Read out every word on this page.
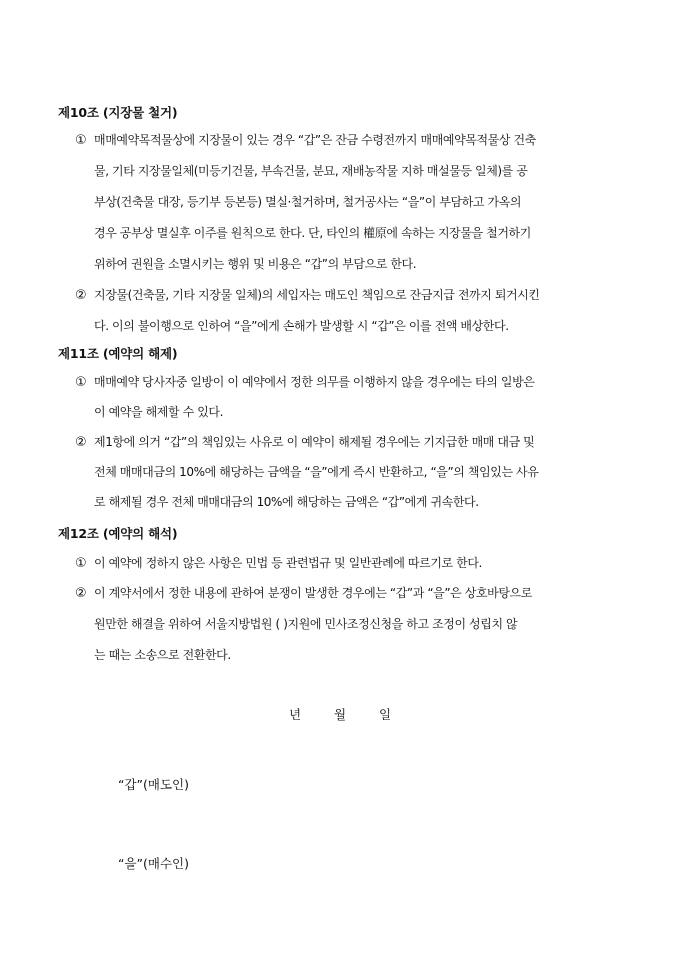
제10조 (지장물 철거)
① 매매예약목적물상에 지장물이 있는 경우 “갑”은 잔금 수령전까지 매매예약목적물상 건축
물, 기타 지장물일체(미등기건물, 부속건물, 분묘, 재배농작물 지하 매설물등 일체)를 공
부상(건축물 대장, 등기부 등본등) 멸실·철거하며, 철거공사는 “을”이 부담하고 가옥의
경우 공부상 멸실후 이주를 원칙으로 한다. 단, 타인의 權原에 속하는 지장물을 철거하기
위하여 권원을 소멸시키는 행위 및 비용은 “갑”의 부담으로 한다.
② 지장물(건축물, 기타 지장물 일체)의 세입자는 매도인 책임으로 잔금지급 전까지 퇴거시킨
다. 이의 불이행으로 인하여 “을”에게 손해가 발생할 시 “갑”은 이를 전액 배상한다.
제11조 (예약의 해제)
① 매매예약 당사자중 일방이 이 예약에서 정한 의무를 이행하지 않을 경우에는 타의 일방은
이 예약을 해제할 수 있다.
② 제1항에 의거 “갑”의 책임있는 사유로 이 예약이 해제될 경우에는 기지급한 매매 대금 및
전체 매매대금의 10%에 해당하는 금액을 “을”에게 즉시 반환하고, “을”의 책임있는 사유
로 해제될 경우 전체 매매대금의 10%에 해당하는 금액은 “갑”에게 귀속한다.
제12조 (예약의 해석)
① 이 예약에 정하지 않은 사항은 민법 등 관련법규 및 일반관례에 따르기로 한다.
② 이 계약서에서 정한 내용에 관하여 분쟁이 발생한 경우에는 “갑”과 “을”은 상호바탕으로
원만한 해결을 위하여 서울지방법원 ( )지원에 민사조정신청을 하고 조정이 성립치 않
는 때는 소송으로 전환한다.
년	월	일
“갑”(매도인)
“을”(매수인)
